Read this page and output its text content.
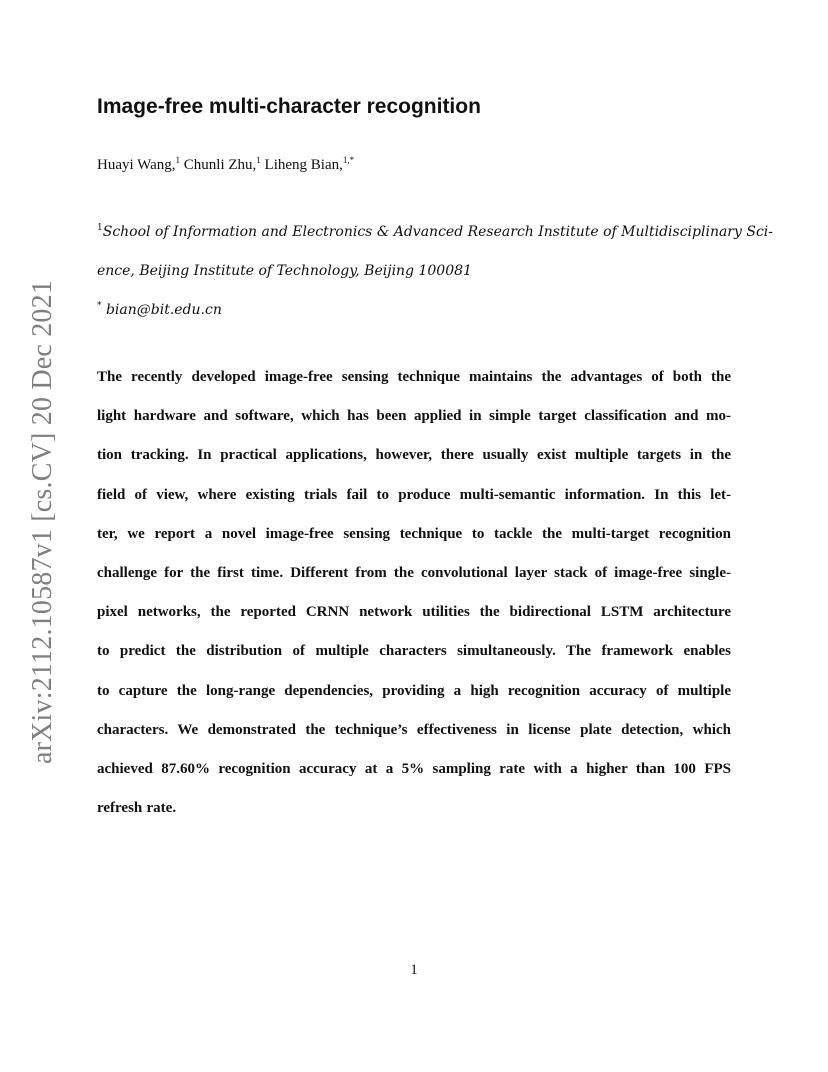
arXiv:2112.10587v1 [cs.CV] 20 Dec 2021
Image-free multi-character recognition
Huayi Wang,$^1$ Chunli Zhu,$^1$ Liheng Bian,$^{1,*}$
$^1$School of Information and Electronics & Advanced Research Institute of Multidisciplinary Sci-
ence, Beijing Institute of Technology, Beijing 100081
* bian@bit.edu.cn
The recently developed image-free sensing technique maintains the advantages of both the
light hardware and software, which has been applied in simple target classification and mo-
tion tracking. In practical applications, however, there usually exist multiple targets in the
field of view, where existing trials fail to produce multi-semantic information. In this let-
ter, we report a novel image-free sensing technique to tackle the multi-target recognition
challenge for the first time. Different from the convolutional layer stack of image-free single-
pixel networks, the reported CRNN network utilities the bidirectional LSTM architecture
to predict the distribution of multiple characters simultaneously. The framework enables
to capture the long-range dependencies, providing a high recognition accuracy of multiple
characters. We demonstrated the technique’s effectiveness in license plate detection, which
achieved 87.60% recognition accuracy at a 5% sampling rate with a higher than 100 FPS
refresh rate.
1
